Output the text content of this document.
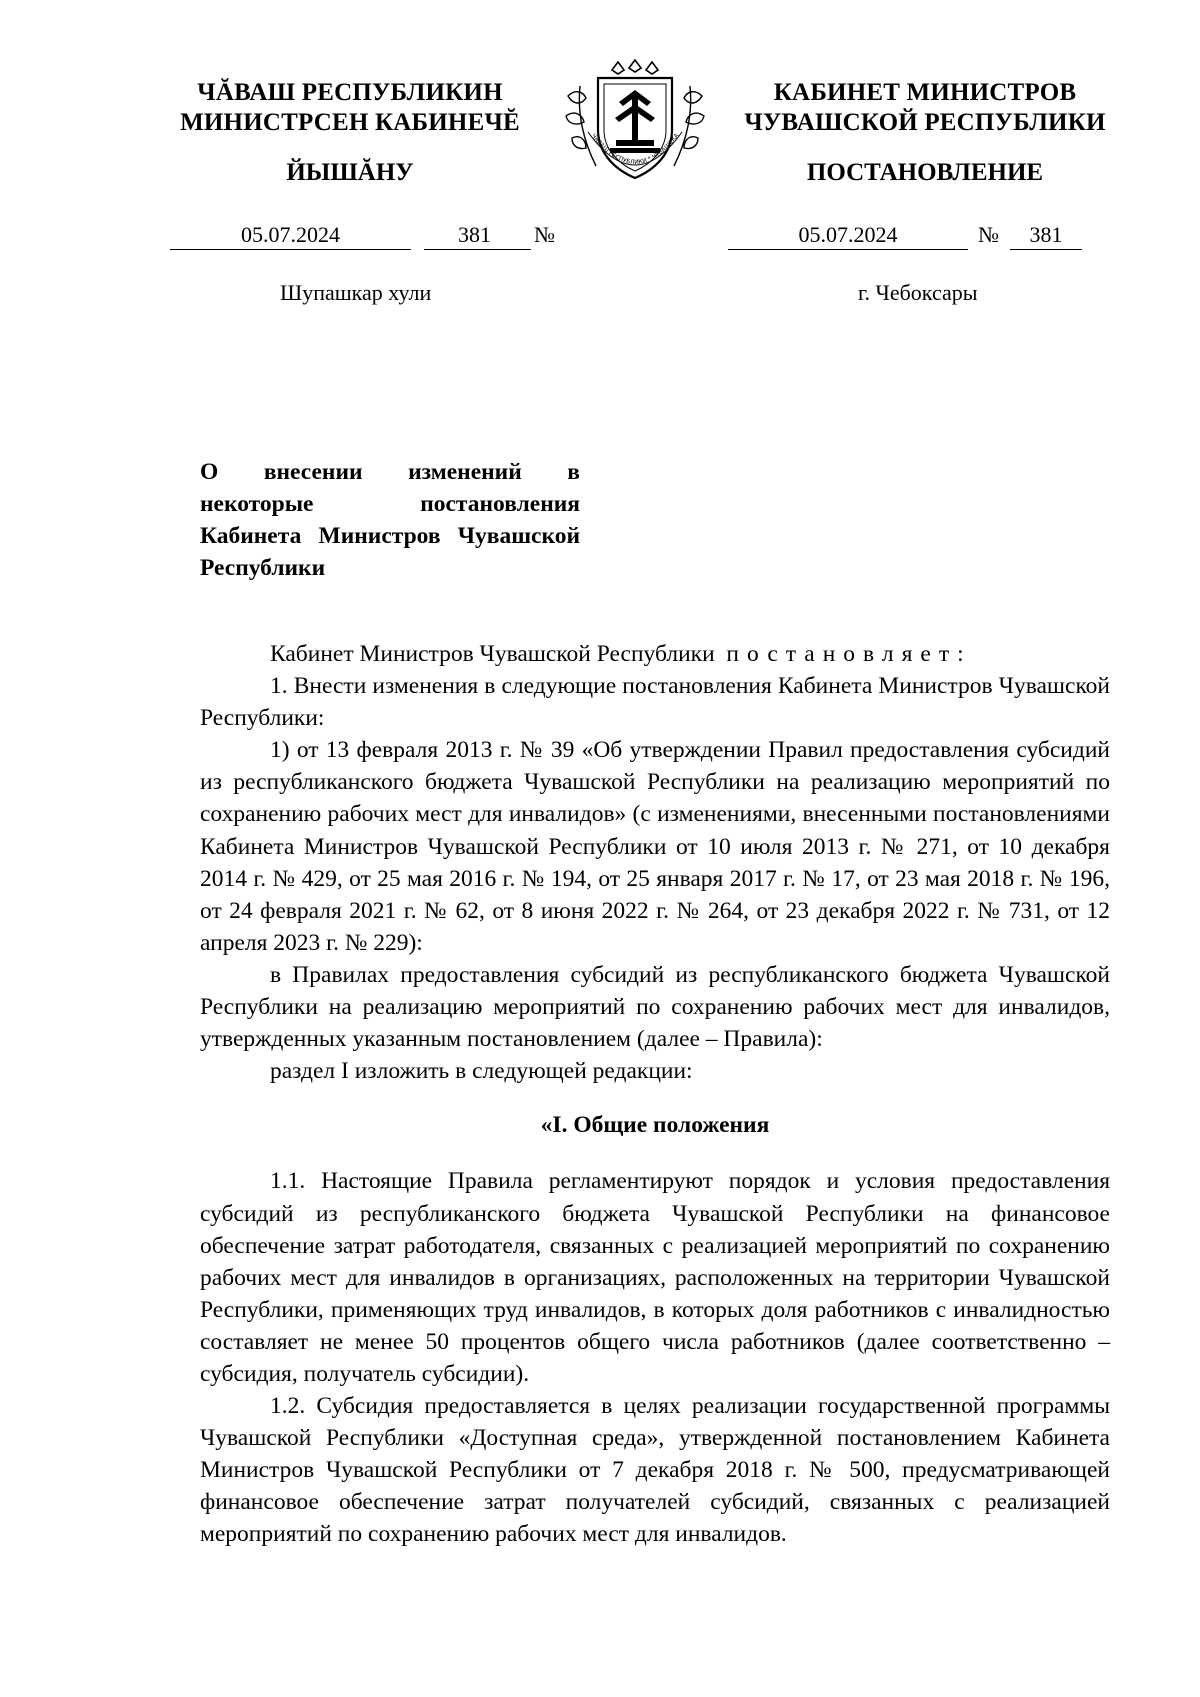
ЧĂВАШ РЕСПУБЛИКИН
МИНИСТРСЕН КАБИНЕЧĔ
ЙЫШĂНУ
05.07.2024	381 №
Шупашкар хули
ЧĂВАШ РЕСПУБЛИКИ * ЧУВАШСКА
КАБИНЕТ МИНИСТРОВ
ЧУВАШСКОЙ РЕСПУБЛИКИ
ПОСТАНОВЛЕНИЕ
05.07.2024	№	381
г. Чебоксары
О внесении изменений в некоторые постановления Кабинета Министров Чувашской Республики

Кабинет Министров Чувашской Республики постановляет:

1. Внести изменения в следующие постановления Кабинета Министров Чувашской Республики:

1) от 13 февраля 2013 г. № 39 «Об утверждении Правил предоставления субсидий из республиканского бюджета Чувашской Республики на реализацию мероприятий по сохранению рабочих мест для инвалидов» (с изменениями, внесенными постановлениями Кабинета Министров Чувашской Республики от 10 июля 2013 г. № 271, от 10 декабря 2014 г. № 429, от 25 мая 2016 г. № 194, от 25 января 2017 г. № 17, от 23 мая 2018 г. № 196, от 24 февраля 2021 г. № 62, от 8 июня 2022 г. № 264, от 23 декабря 2022 г. № 731, от 12 апреля 2023 г. № 229):

в Правилах предоставления субсидий из республиканского бюджета Чувашской Республики на реализацию мероприятий по сохранению рабочих мест для инвалидов, утвержденных указанным постановлением (далее – Правила):

раздел I изложить в следующей редакции:

«I. Общие положения

1.1. Настоящие Правила регламентируют порядок и условия предоставления субсидий из республиканского бюджета Чувашской Республики на финансовое обеспечение затрат работодателя, связанных с реализацией мероприятий по сохранению рабочих мест для инвалидов в организациях, расположенных на территории Чувашской Республики, применяющих труд инвалидов, в которых доля работников с инвалидностью составляет не менее 50 процентов общего числа работников (далее соответственно – субсидия, получатель субсидии).

1.2. Субсидия предоставляется в целях реализации государственной программы Чувашской Республики «Доступная среда», утвержденной постановлением Кабинета Министров Чувашской Республики от 7 декабря 2018 г. № 500, предусматривающей финансовое обеспечение затрат получателей субсидий, связанных с реализацией мероприятий по сохранению рабочих мест для инвалидов.
